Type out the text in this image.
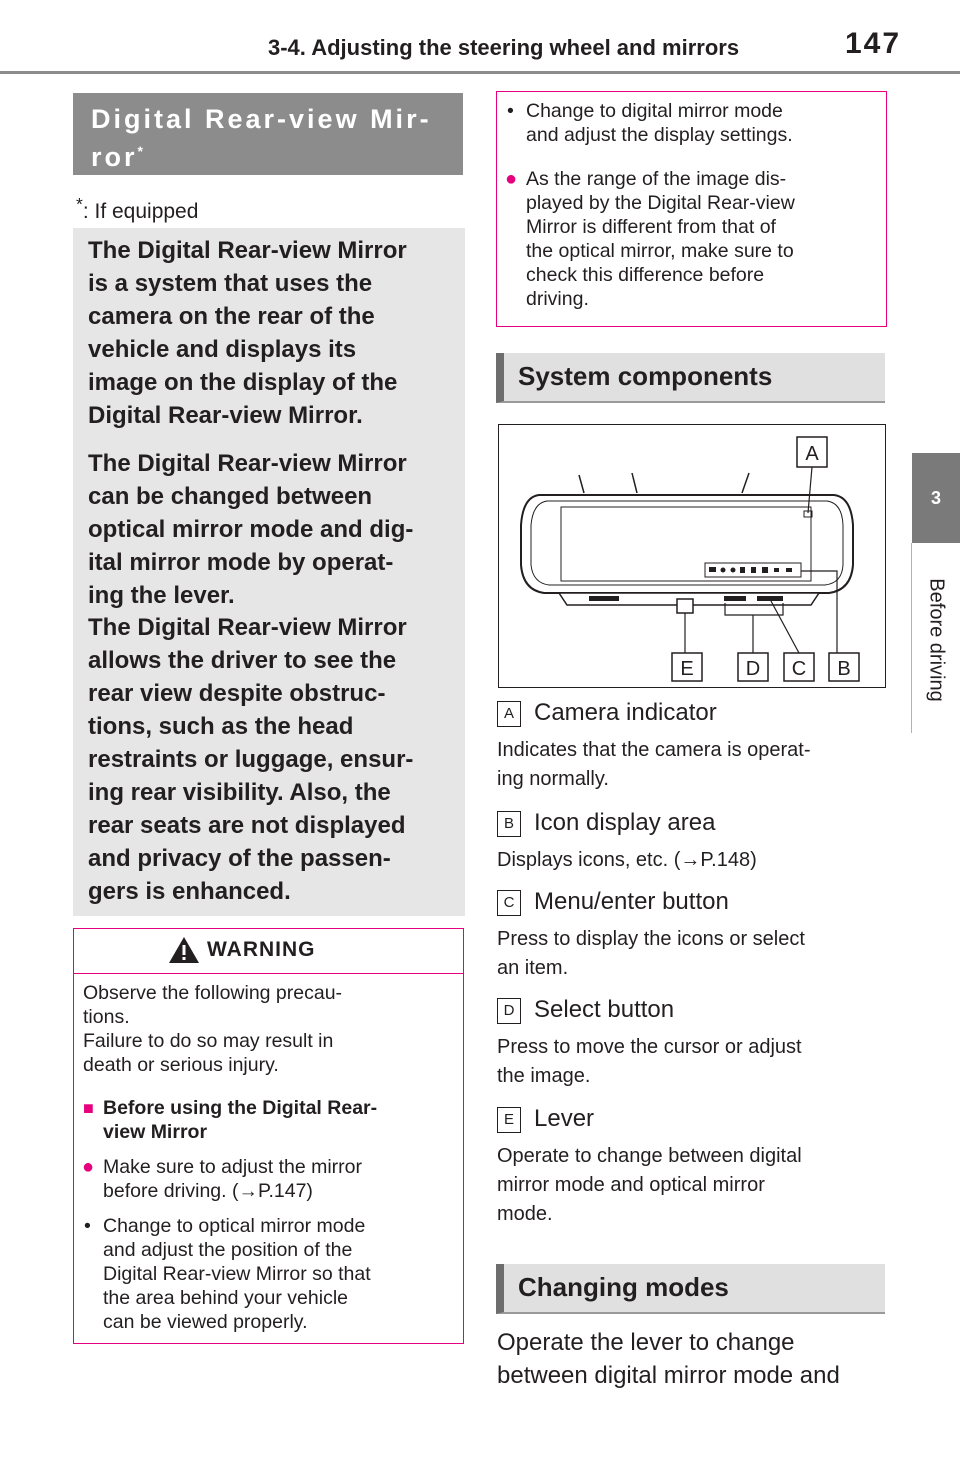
3-4. Adjusting the steering wheel and mirrors	147
3
Before driving
Digital Rear-view Mir-
ror*
*: If equipped
The Digital Rear-view Mirror
is a system that uses the
camera on the rear of the
vehicle and displays its
image on the display of the
Digital Rear-view Mirror.
The Digital Rear-view Mirror
can be changed between
optical mirror mode and dig-
ital mirror mode by operat-
ing the lever.
The Digital Rear-view Mirror
allows the driver to see the
rear view despite obstruc-
tions, such as the head
restraints or luggage, ensur-
ing rear visibility. Also, the
rear seats are not displayed
and privacy of the passen-
gers is enhanced.
WARNING
Observe the following precau-
tions.
Failure to do so may result in
death or serious injury.
■ Before using the Digital Rear-
view Mirror
● Make sure to adjust the mirror
before driving. (→P.147)
• Change to optical mirror mode
and adjust the position of the
Digital Rear-view Mirror so that
the area behind your vehicle
can be viewed properly.
• Change to digital mirror mode
and adjust the display settings.
● As the range of the image dis-
played by the Digital Rear-view
Mirror is different from that of
the optical mirror, make sure to
check this difference before
driving.
System components
A
B
C
D
E
Changing modes
Operate the lever to change
between digital mirror mode and
A Camera indicator
Indicates that the camera is operat-
ing normally.
B Icon display area
Displays icons, etc. (→P.148)
C Menu/enter button
Press to display the icons or select
an item.
D Select button
Press to move the cursor or adjust
the image.
E Lever
Operate to change between digital
mirror mode and optical mirror
mode.
